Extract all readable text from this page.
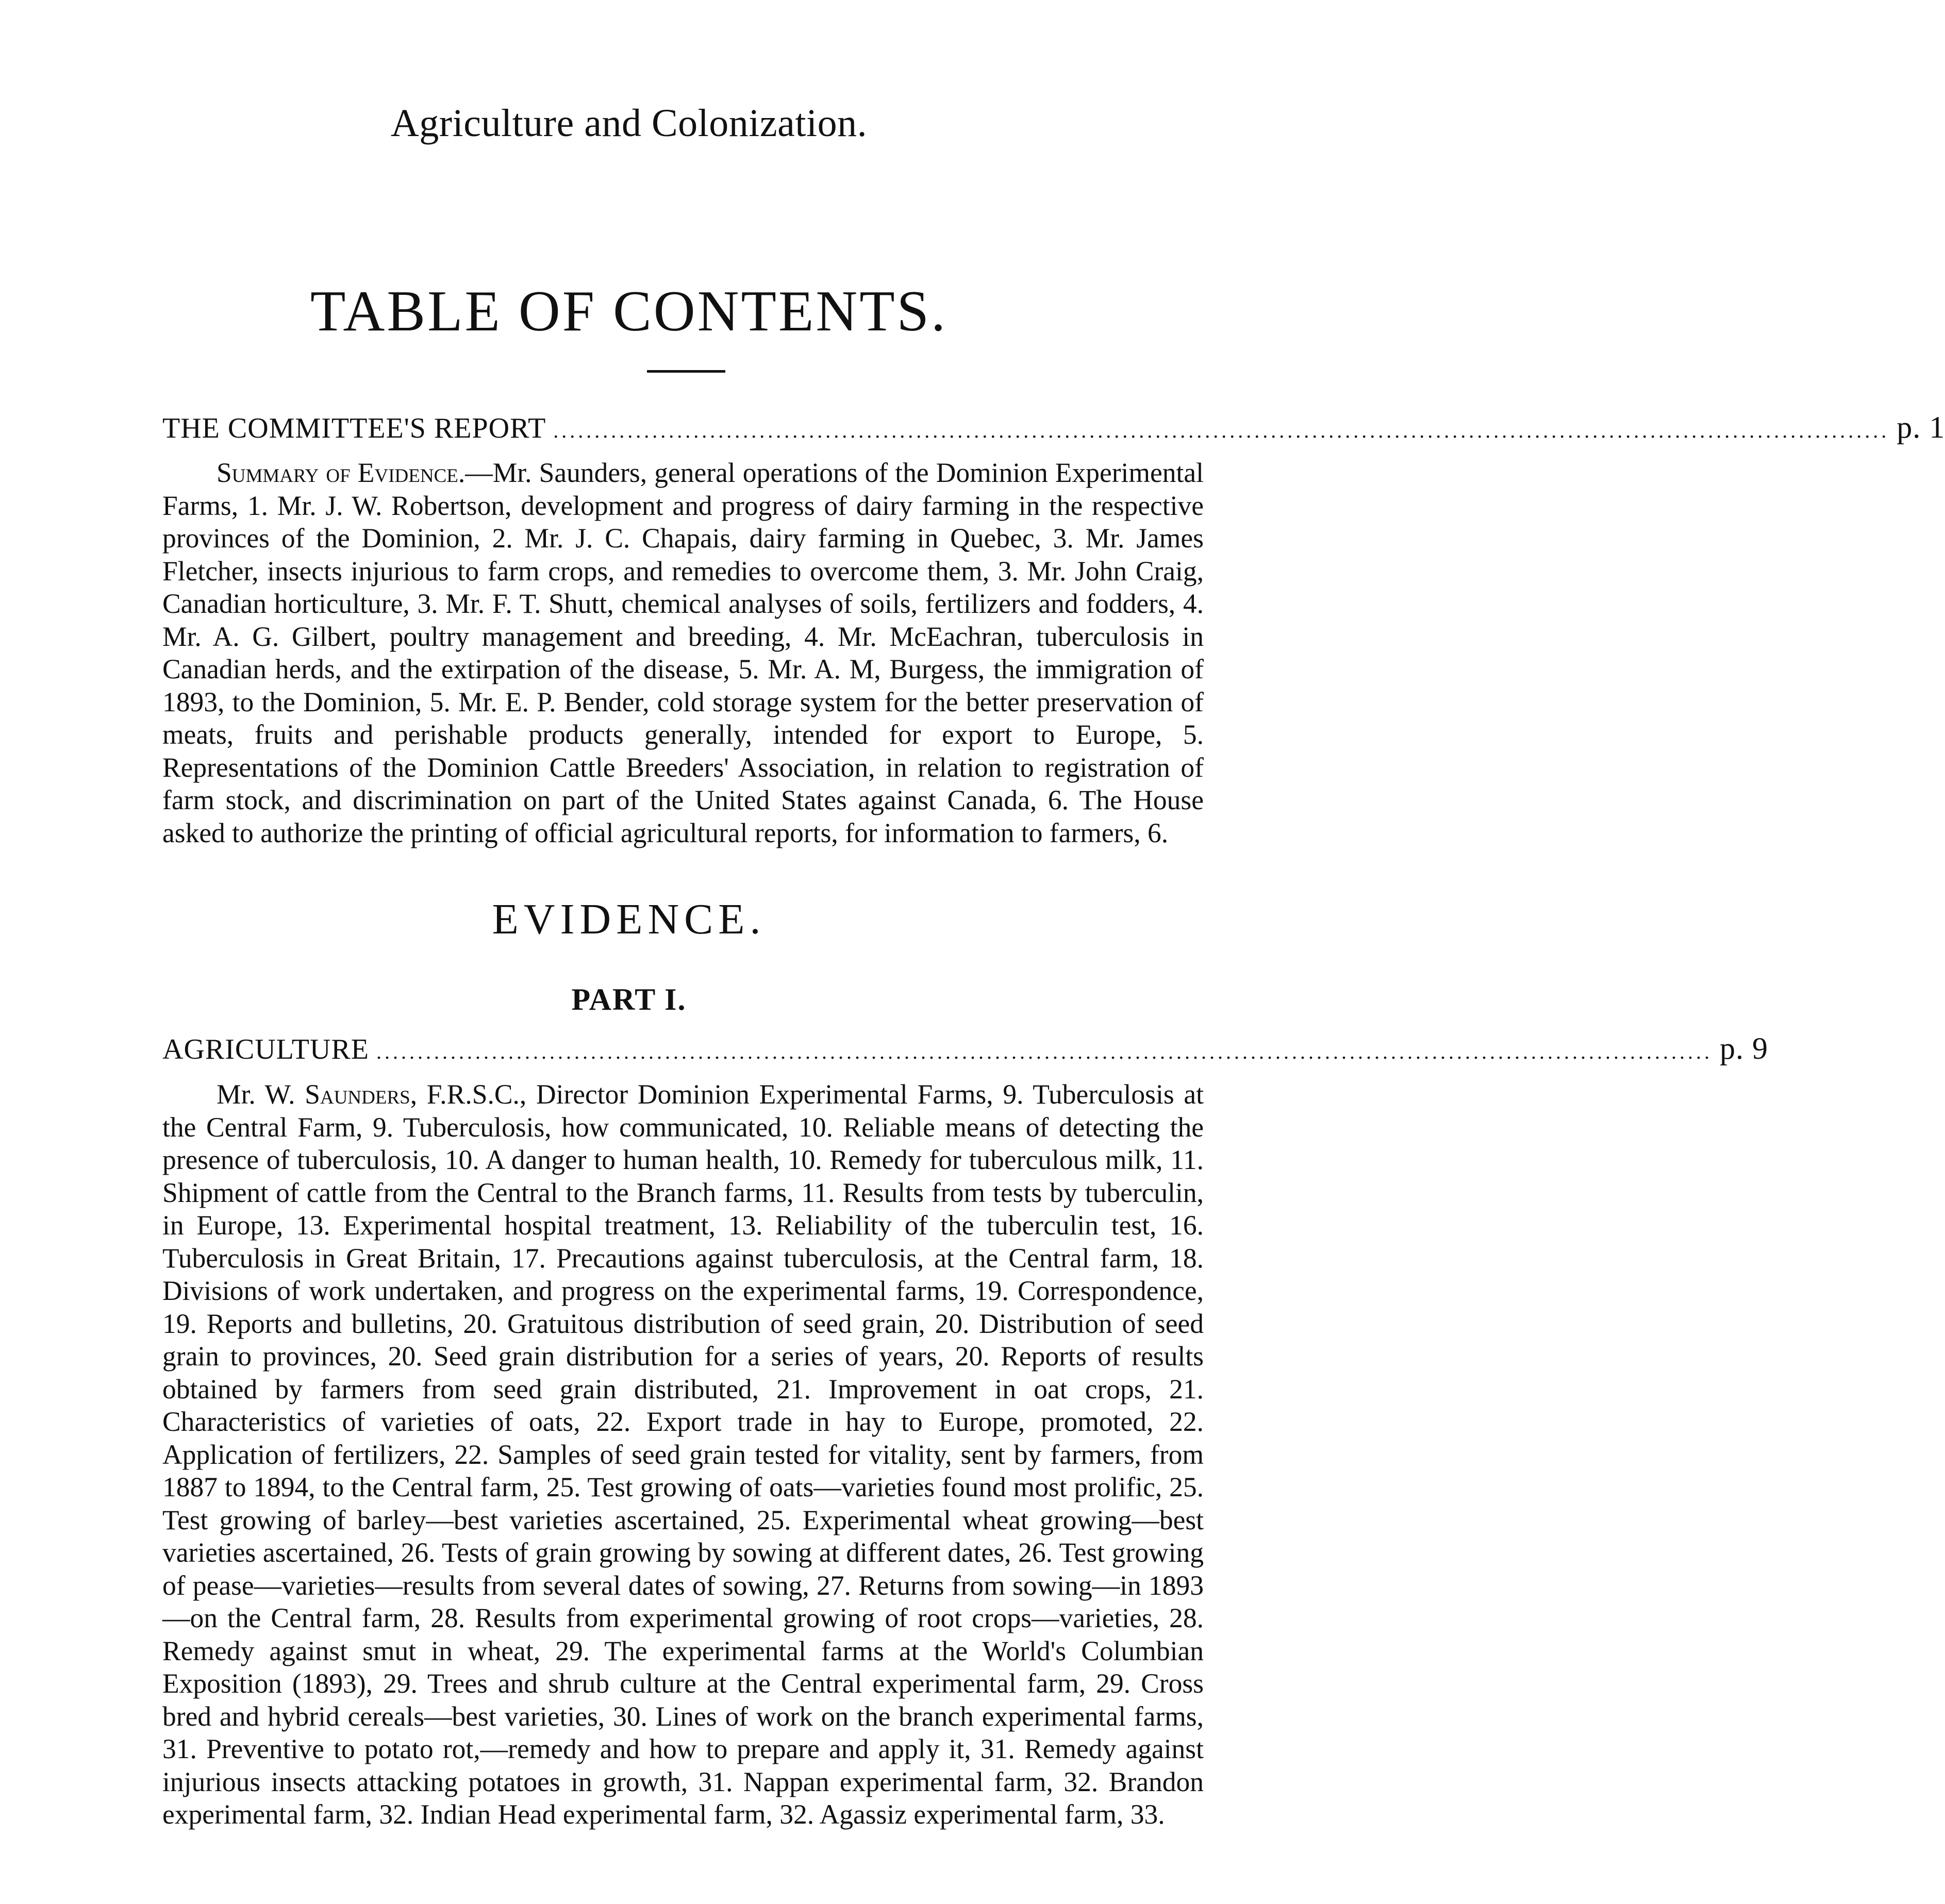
Agriculture and Colonization.
TABLE OF CONTENTS.
THE COMMITTEE'S REPORT .................................................................................................................................................................. p. 1

Summary of Evidence.—Mr. Saunders, general operations of the Dominion Experimental Farms, 1. Mr. J. W. Robertson, development and progress of dairy farming in the respective provinces of the Dominion, 2. Mr. J. C. Chapais, dairy farming in Quebec, 3. Mr. James Fletcher, insects injurious to farm crops, and remedies to overcome them, 3. Mr. John Craig, Canadian horticulture, 3. Mr. F. T. Shutt, chemical analyses of soils, fertilizers and fodders, 4. Mr. A. G. Gilbert, poultry management and breeding, 4. Mr. McEachran, tuberculosis in Canadian herds, and the extirpation of the disease, 5. Mr. A. M, Burgess, the immigration of 1893, to the Dominion, 5. Mr. E. P. Bender, cold storage system for the better preservation of meats, fruits and perishable products generally, intended for export to Europe, 5. Representations of the Dominion Cattle Breeders' Association, in relation to registration of farm stock, and discrimination on part of the United States against Canada, 6. The House asked to authorize the printing of official agricultural reports, for information to farmers, 6.

EVIDENCE.
PART I.
AGRICULTURE .................................................................................................................................................................. p. 9

Mr. W. Saunders, F.R.S.C., Director Dominion Experimental Farms, 9. Tuberculosis at the Central Farm, 9. Tuberculosis, how communicated, 10. Reliable means of detecting the presence of tuberculosis, 10. A danger to human health, 10. Remedy for tuberculous milk, 11. Shipment of cattle from the Central to the Branch farms, 11. Results from tests by tuberculin, in Europe, 13. Experimental hospital treatment, 13. Reliability of the tuberculin test, 16. Tuberculosis in Great Britain, 17. Precautions against tuberculosis, at the Central farm, 18. Divisions of work undertaken, and progress on the experimental farms, 19. Correspondence, 19. Reports and bulletins, 20. Gratuitous distribution of seed grain, 20. Distribution of seed grain to provinces, 20. Seed grain distribution for a series of years, 20. Reports of results obtained by farmers from seed grain distributed, 21. Improvement in oat crops, 21. Characteristics of varieties of oats, 22. Export trade in hay to Europe, promoted, 22. Application of fertilizers, 22. Samples of seed grain tested for vitality, sent by farmers, from 1887 to 1894, to the Central farm, 25. Test growing of oats—varieties found most prolific, 25. Test growing of barley—best varieties ascertained, 25. Experimental wheat growing—best varieties ascertained, 26. Tests of grain growing by sowing at different dates, 26. Test growing of pease—varieties—results from several dates of sowing, 27. Returns from sowing—in 1893—on the Central farm, 28. Results from experimental growing of root crops—varieties, 28. Remedy against smut in wheat, 29. The experimental farms at the World's Columbian Exposition (1893), 29. Trees and shrub culture at the Central experimental farm, 29. Cross bred and hybrid cereals—best varieties, 30. Lines of work on the branch experimental farms, 31. Preventive to potato rot,—remedy and how to prepare and apply it, 31. Remedy against injurious insects attacking potatoes in growth, 31. Nappan experimental farm, 32. Brandon experimental farm, 32. Indian Head experimental farm, 32. Agassiz experimental farm, 33.
